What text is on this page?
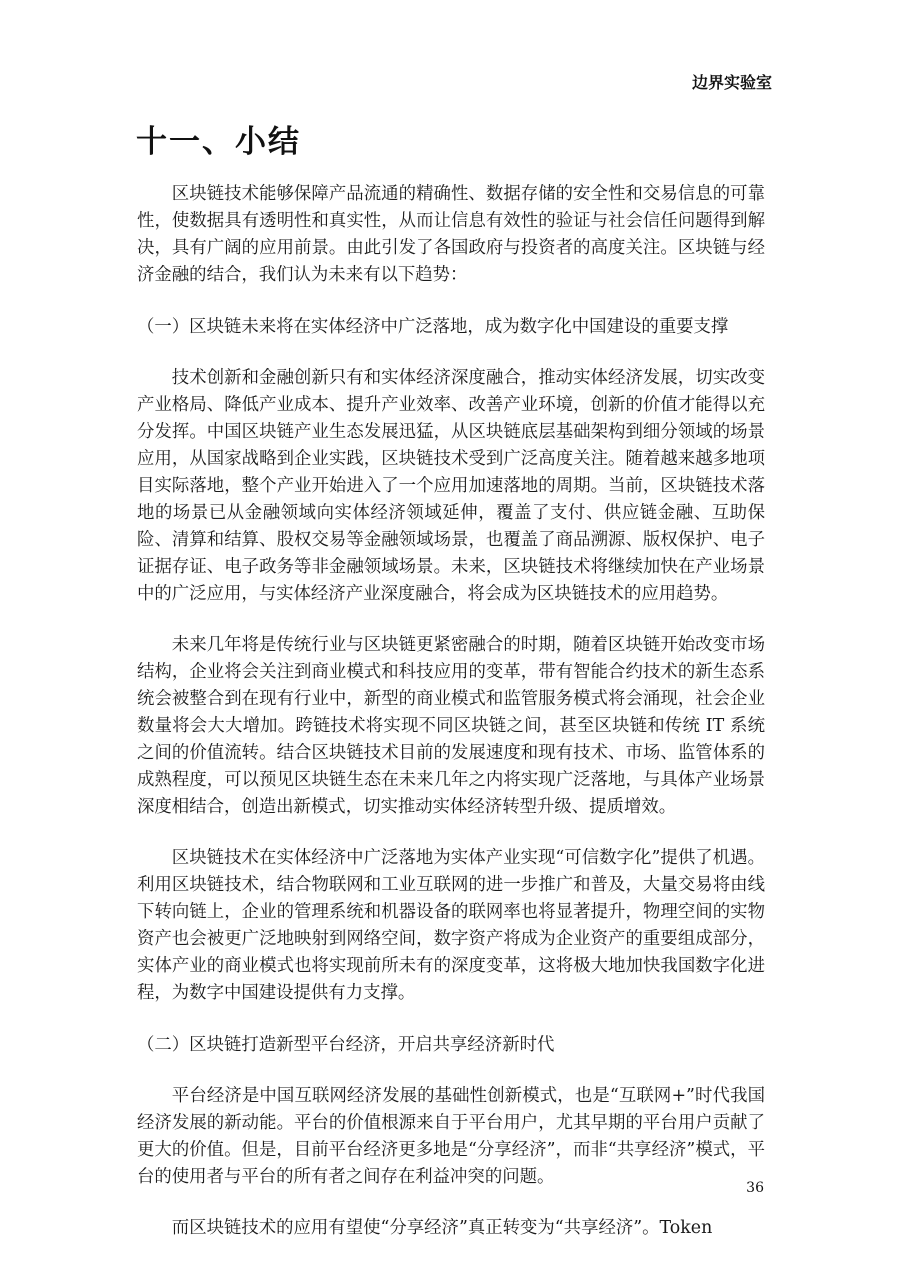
边界实验室
十一、小结

区块链技术能够保障产品流通的精确性、数据存储的安全性和交易信息的可靠性，使数据具有透明性和真实性，从而让信息有效性的验证与社会信任问题得到解决，具有广阔的应用前景。由此引发了各国政府与投资者的高度关注。区块链与经济金融的结合，我们认为未来有以下趋势：

（一）区块链未来将在实体经济中广泛落地，成为数字化中国建设的重要支撑

技术创新和金融创新只有和实体经济深度融合，推动实体经济发展，切实改变产业格局、降低产业成本、提升产业效率、改善产业环境，创新的价值才能得以充分发挥。中国区块链产业生态发展迅猛，从区块链底层基础架构到细分领域的场景应用，从国家战略到企业实践，区块链技术受到广泛高度关注。随着越来越多地项目实际落地，整个产业开始进入了一个应用加速落地的周期。当前，区块链技术落地的场景已从金融领域向实体经济领域延伸，覆盖了支付、供应链金融、互助保险、清算和结算、股权交易等金融领域场景，也覆盖了商品溯源、版权保护、电子证据存证、电子政务等非金融领域场景。未来，区块链技术将继续加快在产业场景中的广泛应用，与实体经济产业深度融合，将会成为区块链技术的应用趋势。

未来几年将是传统行业与区块链更紧密融合的时期，随着区块链开始改变市场结构，企业将会关注到商业模式和科技应用的变革，带有智能合约技术的新生态系统会被整合到在现有行业中，新型的商业模式和监管服务模式将会涌现，社会企业数量将会大大增加。跨链技术将实现不同区块链之间，甚至区块链和传统 IT 系统之间的价值流转。结合区块链技术目前的发展速度和现有技术、市场、监管体系的成熟程度，可以预见区块链生态在未来几年之内将实现广泛落地，与具体产业场景深度相结合，创造出新模式，切实推动实体经济转型升级、提质增效。

区块链技术在实体经济中广泛落地为实体产业实现“可信数字化”提供了机遇。利用区块链技术，结合物联网和工业互联网的进一步推广和普及，大量交易将由线下转向链上，企业的管理系统和机器设备的联网率也将显著提升，物理空间的实物资产也会被更广泛地映射到网络空间，数字资产将成为企业资产的重要组成部分，实体产业的商业模式也将实现前所未有的深度变革，这将极大地加快我国数字化进程，为数字中国建设提供有力支撑。

（二）区块链打造新型平台经济，开启共享经济新时代

平台经济是中国互联网经济发展的基础性创新模式，也是“互联网+”时代我国经济发展的新动能。平台的价值根源来自于平台用户，尤其早期的平台用户贡献了更大的价值。但是，目前平台经济更多地是“分享经济”，而非“共享经济”模式，平台的使用者与平台的所有者之间存在利益冲突的问题。

而区块链技术的应用有望使“分享经济”真正转变为“共享经济”。Token

36
